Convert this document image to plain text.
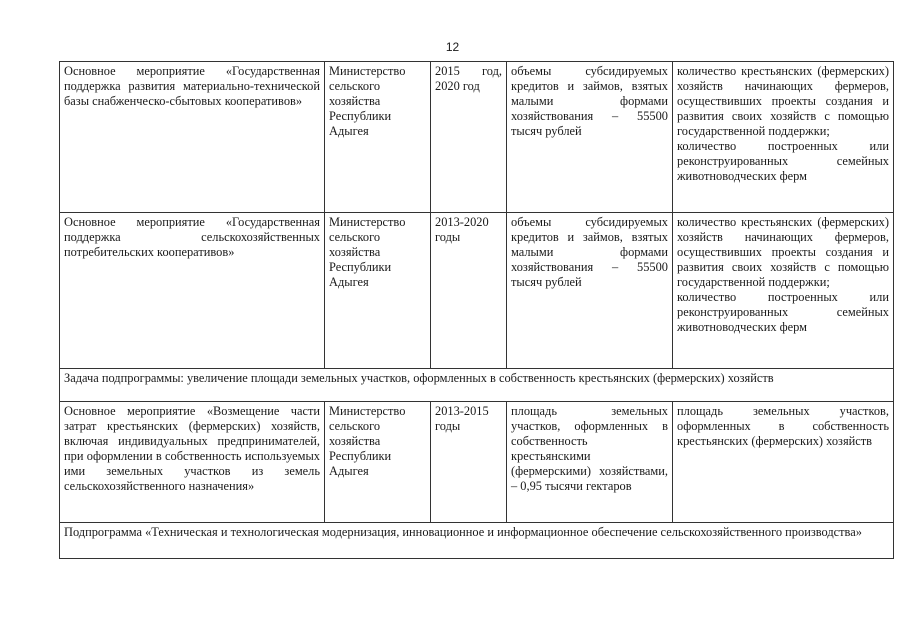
12
Основное мероприятие «Государственная поддержка развития материально-технической базы снабженческо-сбытовых кооперативов»	Министерство сельского хозяйства Республики Адыгея	2015 год, 2020 год	объемы субсидируемых кредитов и займов, взятых малыми формами хозяйствования – 55500 тысяч рублей	количество крестьянских (фермерских) хозяйств начинающих фермеров, осуществивших проекты создания и развития своих хозяйств с помощью государственной поддержки;
количество построенных или реконструированных семейных животноводческих ферм

Основное мероприятие «Государственная поддержка сельскохозяйственных потребительских кооперативов»	Министерство сельского хозяйства Республики Адыгея	2013-2020 годы	объемы субсидируемых кредитов и займов, взятых малыми формами хозяйствования – 55500 тысяч рублей	количество крестьянских (фермерских) хозяйств начинающих фермеров, осуществивших проекты создания и развития своих хозяйств с помощью государственной поддержки;
количество построенных или реконструированных семейных животноводческих ферм

Задача подпрограммы: увеличение площади земельных участков, оформленных в собственность крестьянских (фермерских) хозяйств				
Основное мероприятие «Возмещение части затрат крестьянских (фермерских) хозяйств, включая индивидуальных предпринимателей, при оформлении в собственность используемых ими земельных участков из земель сельскохозяйственного назначения»	Министерство сельского хозяйства Республики Адыгея	2013-2015 годы	площадь земельных участков, оформленных в собственность крестьянскими (фермерскими) хозяйствами, – 0,95 тысячи гектаров	площадь земельных участков, оформленных в собственность крестьянских (фермерских) хозяйств
Подпрограмма «Техническая и технологическая модернизация, инновационное и информационное обеспечение сельскохозяйственного производства»				
